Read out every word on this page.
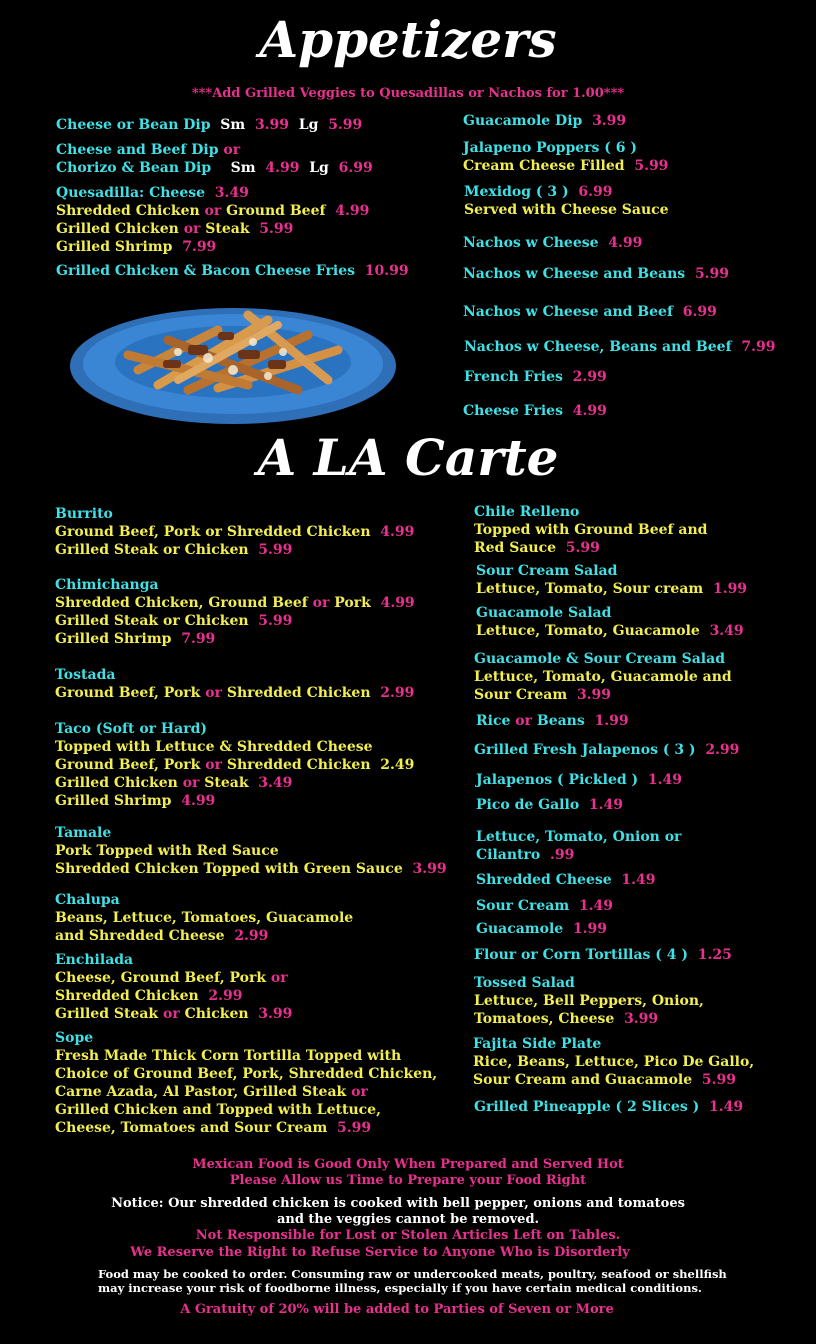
Appetizers
***Add Grilled Veggies to Quesadillas or Nachos for 1.00***
Cheese or Bean Dip Sm 3.99 Lg 5.99
Cheese and Beef Dip or
Chorizo & Bean Dip Sm 4.99 Lg 6.99
Quesadilla: Cheese 3.49
Shredded Chicken or Ground Beef 4.99
Grilled Chicken or Steak 5.99
Grilled Shrimp 7.99
Grilled Chicken & Bacon Cheese Fries 10.99
Guacamole Dip 3.99
Jalapeno Poppers ( 6 )
Cream Cheese Filled 5.99
Mexidog ( 3 ) 6.99
Served with Cheese Sauce
Nachos w Cheese 4.99
Nachos w Cheese and Beans 5.99
Nachos w Cheese and Beef 6.99
Nachos w Cheese, Beans and Beef 7.99
French Fries 2.99
Cheese Fries 4.99
A LA Carte
Burrito
Ground Beef, Pork or Shredded Chicken 4.99
Grilled Steak or Chicken 5.99
Chimichanga
Shredded Chicken, Ground Beef or Pork 4.99
Grilled Steak or Chicken 5.99
Grilled Shrimp 7.99
Tostada
Ground Beef, Pork or Shredded Chicken 2.99
Taco (Soft or Hard)
Topped with Lettuce & Shredded Cheese
Ground Beef, Pork or Shredded Chicken 2.49
Grilled Chicken or Steak 3.49
Grilled Shrimp 4.99
Tamale
Pork Topped with Red Sauce
Shredded Chicken Topped with Green Sauce 3.99
Chalupa
Beans, Lettuce, Tomatoes, Guacamole
and Shredded Cheese 2.99
Enchilada
Cheese, Ground Beef, Pork or
Shredded Chicken 2.99
Grilled Steak or Chicken 3.99
Sope
Fresh Made Thick Corn Tortilla Topped with
Choice of Ground Beef, Pork, Shredded Chicken,
Carne Azada, Al Pastor, Grilled Steak or
Grilled Chicken and Topped with Lettuce,
Cheese, Tomatoes and Sour Cream 5.99
Chile Relleno
Topped with Ground Beef and
Red Sauce 5.99
Sour Cream Salad
Lettuce, Tomato, Sour cream 1.99
Guacamole Salad
Lettuce, Tomato, Guacamole 3.49
Guacamole & Sour Cream Salad
Lettuce, Tomato, Guacamole and
Sour Cream 3.99
Rice or Beans 1.99
Grilled Fresh Jalapenos ( 3 ) 2.99
Jalapenos ( Pickled ) 1.49
Pico de Gallo 1.49
Lettuce, Tomato, Onion or
Cilantro .99
Shredded Cheese 1.49
Sour Cream 1.49
Guacamole 1.99
Flour or Corn Tortillas ( 4 ) 1.25
Tossed Salad
Lettuce, Bell Peppers, Onion,
Tomatoes, Cheese 3.99
Fajita Side Plate
Rice, Beans, Lettuce, Pico De Gallo,
Sour Cream and Guacamole 5.99
Grilled Pineapple ( 2 Slices ) 1.49
Mexican Food is Good Only When Prepared and Served Hot
Please Allow us Time to Prepare your Food Right
Notice: Our shredded chicken is cooked with bell pepper, onions and tomatoes
and the veggies cannot be removed.
Not Responsible for Lost or Stolen Articles Left on Tables.
We Reserve the Right to Refuse Service to Anyone Who is Disorderly
Food may be cooked to order. Consuming raw or undercooked meats, poultry, seafood or shellfish
may increase your risk of foodborne illness, especially if you have certain medical conditions.
A Gratuity of 20% will be added to Parties of Seven or More
